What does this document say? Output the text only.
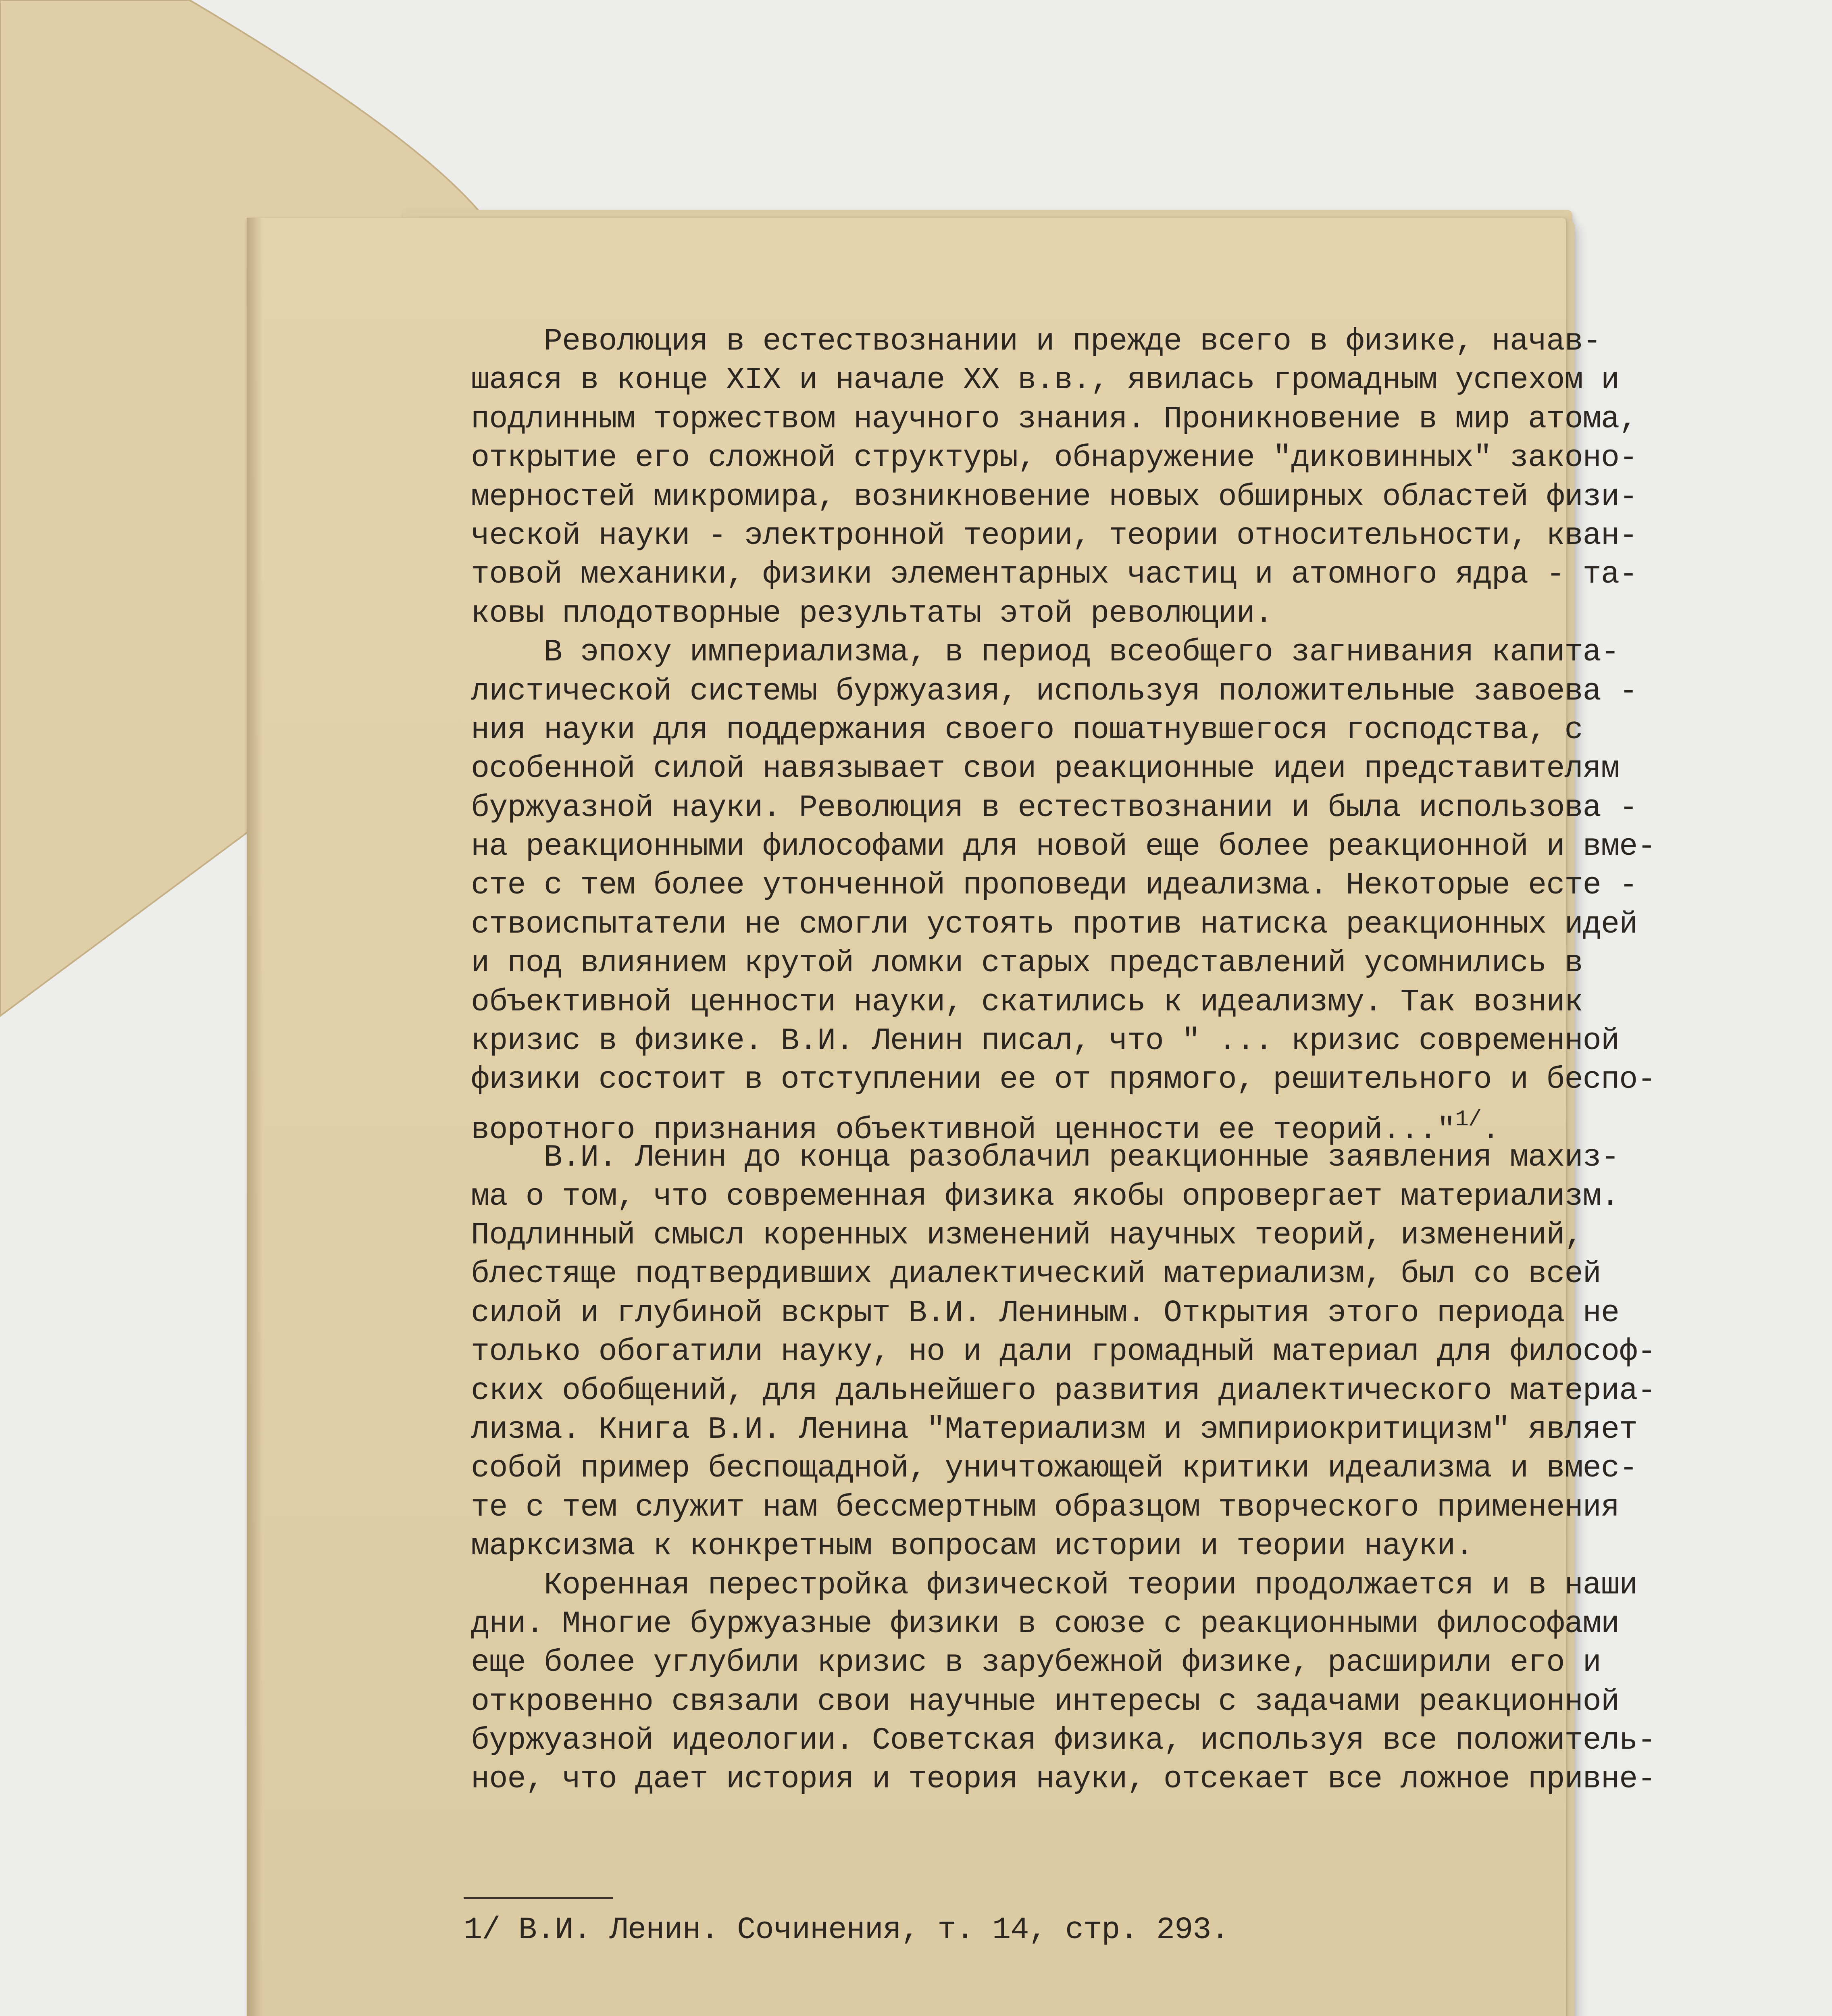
Революция в естествознании и прежде всего в физике, начав-
шаяся в конце XIX и начале XX в.в., явилась громадным успехом и
подлинным торжеством научного знания. Проникновение в мир атома,
открытие его сложной структуры, обнаружение "диковинных" законо-
мерностей микромира, возникновение новых обширных областей физи-
ческой науки - электронной теории, теории относительности, кван-
товой механики, физики элементарных частиц и атомного ядра - та-
ковы плодотворные результаты этой революции.
В эпоху империализма, в период всеобщего загнивания капита-
листической системы буржуазия, используя положительные завоева -
ния науки для поддержания своего пошатнувшегося господства, с
особенной силой навязывает свои реакционные идеи представителям
буржуазной науки. Революция в естествознании и была использова -
на реакционными философами для новой еще более реакционной и вме-
сте с тем более утонченной проповеди идеализма. Некоторые есте -
ствоиспытатели не смогли устоять против натиска реакционных идей
и под влиянием крутой ломки старых представлений усомнились в
объективной ценности науки, скатились к идеализму. Так возник
кризис в физике. В.И. Ленин писал, что " ... кризис современной
физики состоит в отступлении ее от прямого, решительного и беспо-
воротного признания объективной ценности ее теорий..."$^{1/}$.
В.И. Ленин до конца разоблачил реакционные заявления махиз-
ма о том, что современная физика якобы опровергает материализм.
Подлинный смысл коренных изменений научных теорий, изменений,
блестяще подтвердивших диалектический материализм, был со всей
силой и глубиной вскрыт В.И. Лениным. Открытия этого периода не
только обогатили науку, но и дали громадный материал для философ-
ских обобщений, для дальнейшего развития диалектического материа-
лизма. Книга В.И. Ленина "Материализм и эмпириокритицизм" являет
собой пример беспощадной, уничтожающей критики идеализма и вмес-
те с тем служит нам бессмертным образцом творческого применения
марксизма к конкретным вопросам истории и теории науки.
Коренная перестройка физической теории продолжается и в наши
дни. Многие буржуазные физики в союзе с реакционными философами
еще более углубили кризис в зарубежной физике, расширили его и
откровенно связали свои научные интересы с задачами реакционной
буржуазной идеологии. Советская физика, используя все положитель-
ное, что дает история и теория науки, отсекает все ложное привне-
1/ В.И. Ленин. Сочинения, т. 14, стр. 293.
